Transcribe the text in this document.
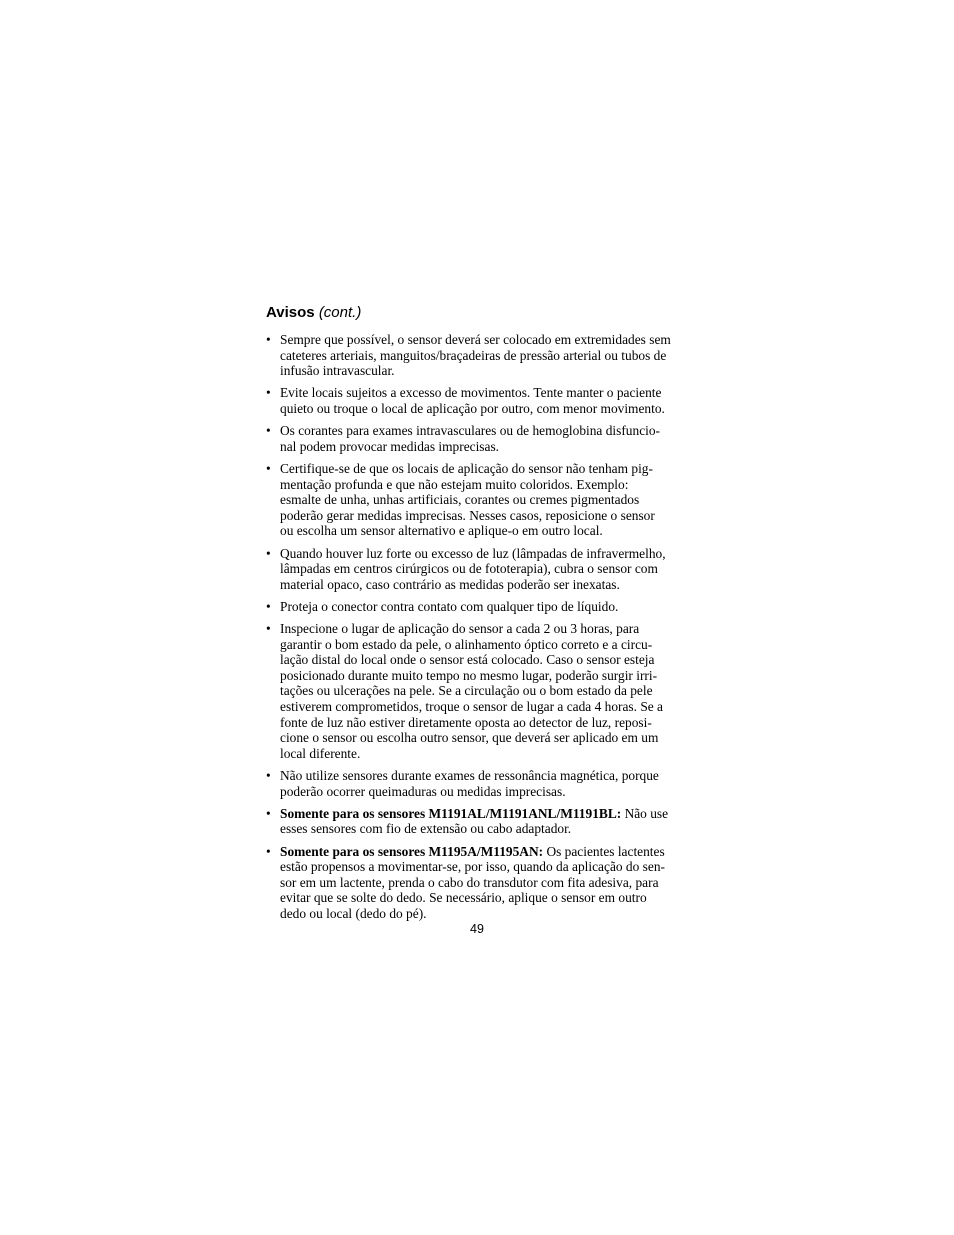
Avisos (cont.)
• Sempre que possível, o sensor deverá ser colocado em extremidades sem
cateteres arteriais, manguitos/braçadeiras de pressão arterial ou tubos de
infusão intravascular.
• Evite locais sujeitos a excesso de movimentos. Tente manter o paciente
quieto ou troque o local de aplicação por outro, com menor movimento.
• Os corantes para exames intravasculares ou de hemoglobina disfuncio-
nal podem provocar medidas imprecisas.
• Certifique-se de que os locais de aplicação do sensor não tenham pig-
mentação profunda e que não estejam muito coloridos. Exemplo:
esmalte de unha, unhas artificiais, corantes ou cremes pigmentados
poderão gerar medidas imprecisas. Nesses casos, reposicione o sensor
ou escolha um sensor alternativo e aplique-o em outro local.
• Quando houver luz forte ou excesso de luz (lâmpadas de infravermelho,
lâmpadas em centros cirúrgicos ou de fototerapia), cubra o sensor com
material opaco, caso contrário as medidas poderão ser inexatas.
• Proteja o conector contra contato com qualquer tipo de líquido.
• Inspecione o lugar de aplicação do sensor a cada 2 ou 3 horas, para
garantir o bom estado da pele, o alinhamento óptico correto e a circu-
lação distal do local onde o sensor está colocado. Caso o sensor esteja
posicionado durante muito tempo no mesmo lugar, poderão surgir irri-
tações ou ulcerações na pele. Se a circulação ou o bom estado da pele
estiverem comprometidos, troque o sensor de lugar a cada 4 horas. Se a
fonte de luz não estiver diretamente oposta ao detector de luz, reposi-
cione o sensor ou escolha outro sensor, que deverá ser aplicado em um
local diferente.
• Não utilize sensores durante exames de ressonância magnética, porque
poderão ocorrer queimaduras ou medidas imprecisas.
• Somente para os sensores M1191AL/M1191ANL/M1191BL: Não use
esses sensores com fio de extensão ou cabo adaptador.
• Somente para os sensores M1195A/M1195AN: Os pacientes lactentes
estão propensos a movimentar-se, por isso, quando da aplicação do sen-
sor em um lactente, prenda o cabo do transdutor com fita adesiva, para
evitar que se solte do dedo. Se necessário, aplique o sensor em outro
dedo ou local (dedo do pé).
49
